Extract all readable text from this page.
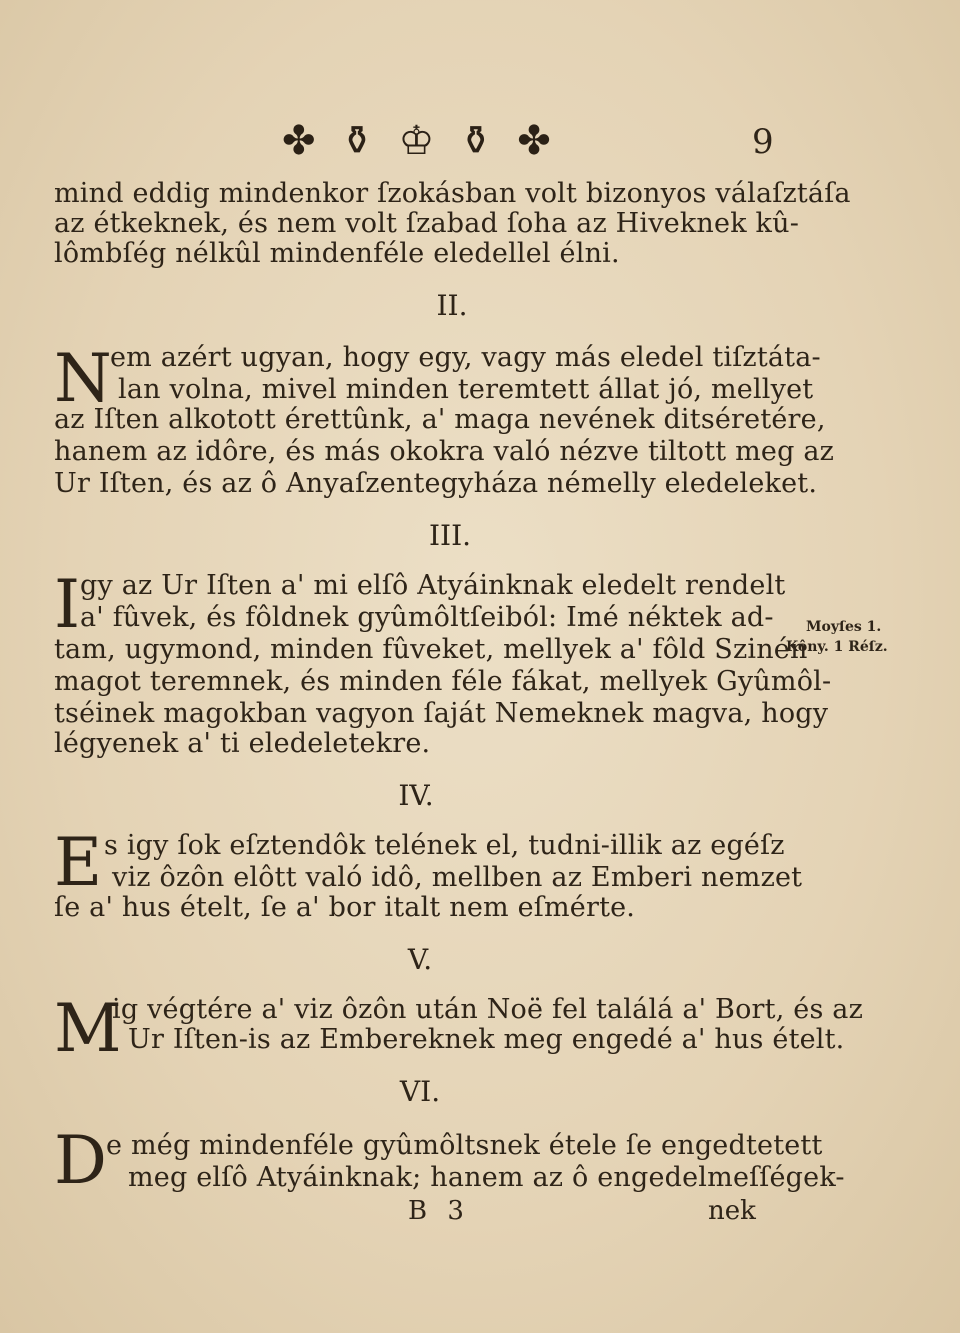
✤ ⚱ ♔ ⚱ ✤	9
mind eddig mindenkor ſzokásban volt bizonyos válaſztáſa
az étkeknek, és nem volt ſzabad ſoha az Hiveknek kû-
lômbſég nélkûl mindenféle eledellel élni.
II.
N
em azért ugyan, hogy egy, vagy más eledel tiſztáta-
lan volna, mivel minden teremtett állat jó, mellyet
az Iſten alkotott érettûnk, a' maga nevének ditséretére,
hanem az idôre, és más okokra való nézve tiltott meg az
Ur Iſten, és az ô Anyaſzentegyháza némelly eledeleket.
III.
I gy az Ur Iſten a' mi elſô Atyáinknak eledelt rendelt
a' fûvek, és fôldnek gyûmôltſeiból: Imé néktek ad-
tam, ugymond, minden fûveket, mellyek a' fôld Szinén
magot teremnek, és minden féle fákat, mellyek Gyûmôl-
tséinek magokban vagyon ſaját Nemeknek magva, hogy
légyenek a' ti eledeletekre.
Moyſes 1.
Kôny. 1 Réſz.
IV.
E s igy ſok eſztendôk telének el, tudni-illik az egéſz
viz ôzôn elôtt való idô, mellben az Emberi nemzet
ſe a' hus ételt, ſe a' bor italt nem eſmérte.
V.
M
ig végtére a' viz ôzôn után Noë fel találá a' Bort, és az
Ur Iſten-is az Embereknek meg engedé a' hus ételt.
VI.
D e még mindenféle gyûmôltsnek étele ſe engedtetett
meg elſô Atyáinknak; hanem az ô engedelmeſſégek-
B 3	nek
